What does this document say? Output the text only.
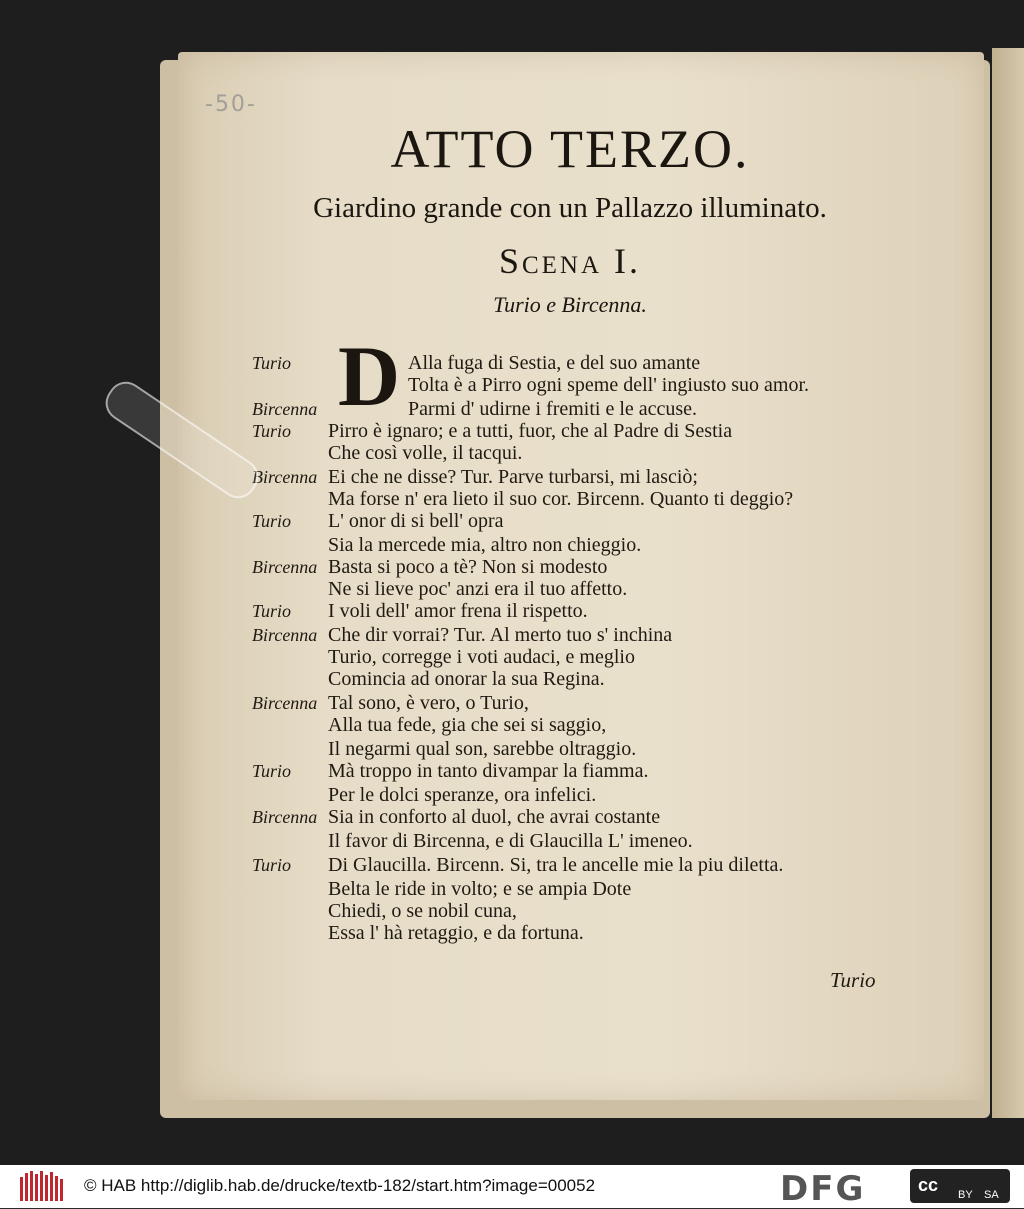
-50-
ATTO TERZO.
Giardino grande con un Pallazzo illuminato.
Scena I.
Turio e Bircenna.
D
Turio	Alla fuga di Sestia, e del suo amante
Tolta è a Pirro ogni speme dell' ingiusto suo amor.
Bircenna	Parmi d' udirne i fremiti e le accuse.
Turio Pirro è ignaro; e a tutti, fuor, che al Padre di Sestia
Che così volle, il tacqui.
Bircenna Ei che ne disse? Tur. Parve turbarsi, mi lasciò;
Ma forse n' era lieto il suo cor. Bircenn. Quanto ti deggio?
Turio L' onor di si bell' opra
Sia la mercede mia, altro non chieggio.
Bircenna Basta si poco a tè? Non si modesto
Ne si lieve poc' anzi era il tuo affetto.
Turio I voli dell' amor frena il rispetto.
Bircenna Che dir vorrai? Tur. Al merto tuo s' inchina
Turio, corregge i voti audaci, e meglio
Comincia ad onorar la sua Regina.
Bircenna Tal sono, è vero, o Turio,
Alla tua fede, gia che sei si saggio,
Il negarmi qual son, sarebbe oltraggio.
Turio Mà troppo in tanto divampar la fiamma.
Per le dolci speranze, ora infelici.
Bircenna Sia in conforto al duol, che avrai costante
Il favor di Bircenna, e di Glaucilla L' imeneo.
Turio Di Glaucilla. Bircenn. Si, tra le ancelle mie la piu diletta.
Belta le ride in volto; e se ampia Dote
Chiedi, o se nobil cuna,
Essa l' hà retaggio, e da fortuna.
Turio
© HAB http://diglib.hab.de/drucke/textb-182/start.htm?image=00052	DFG	cc BY SA
